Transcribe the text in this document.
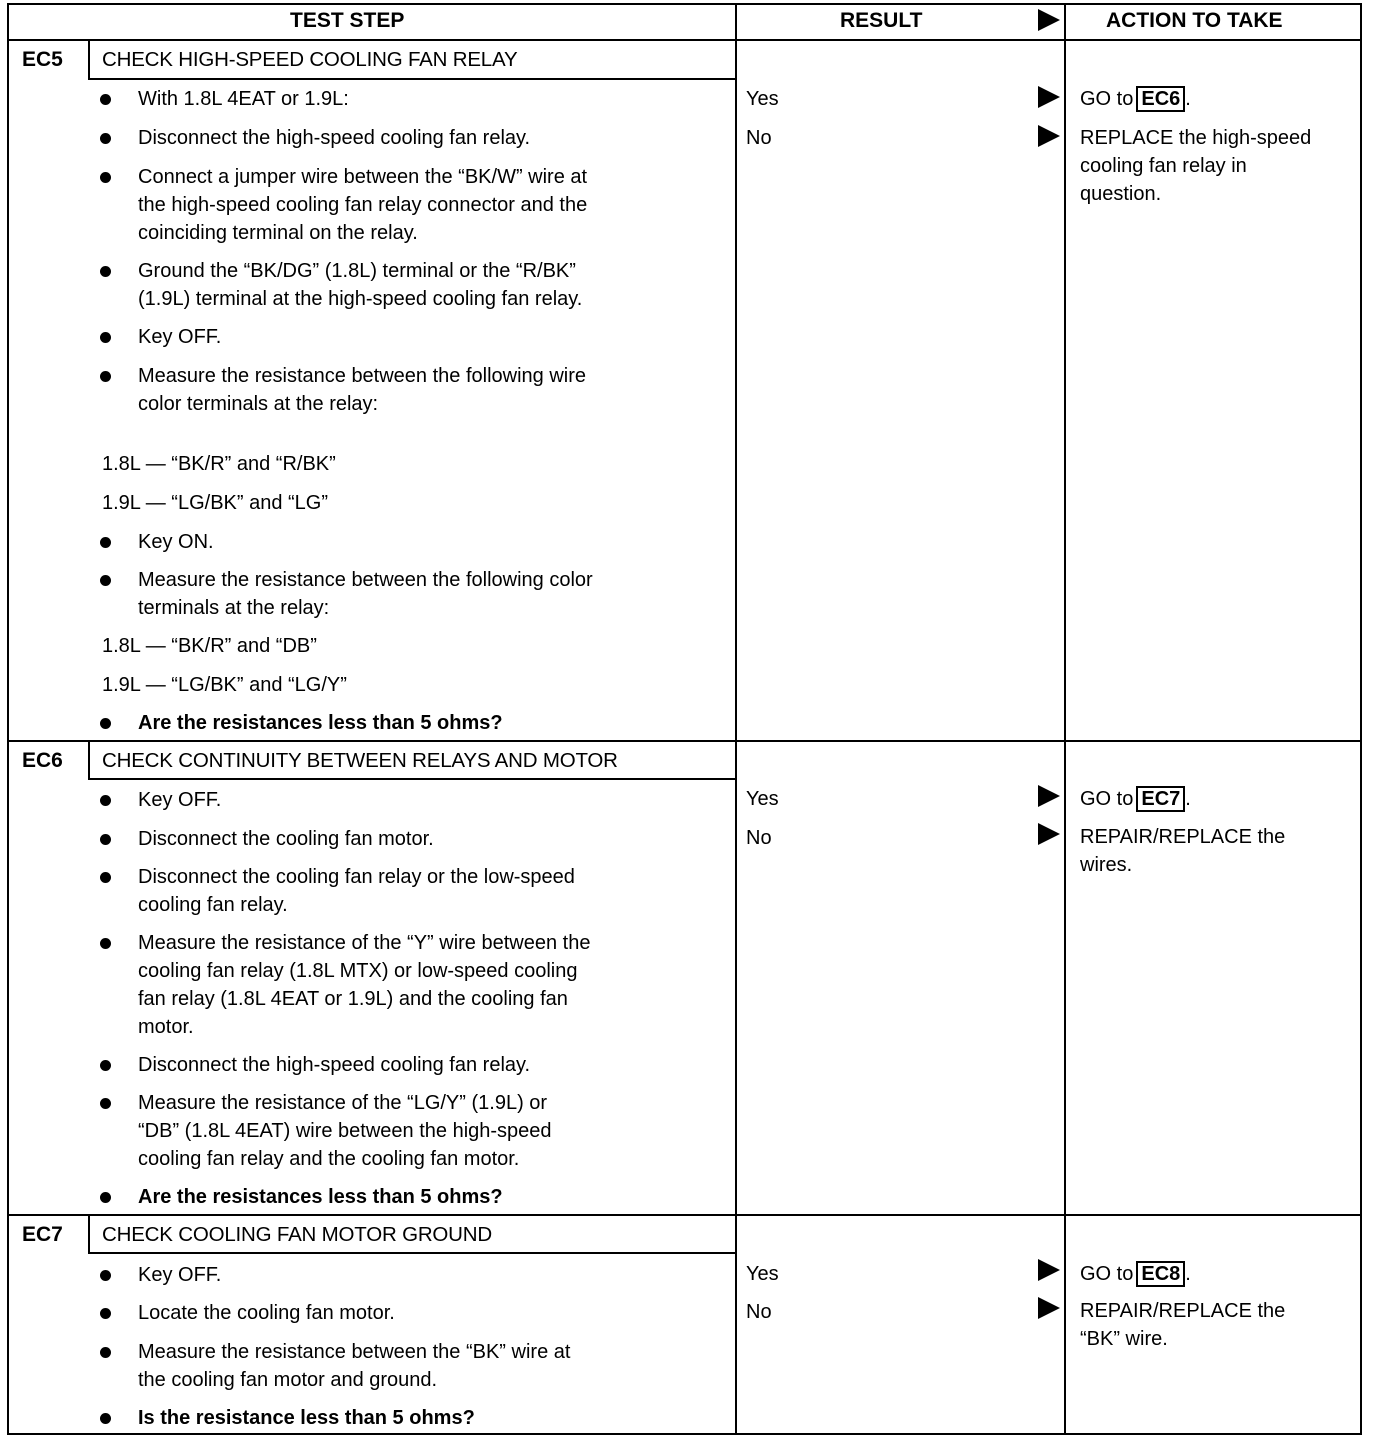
TEST STEP	RESULT	ACTION TO TAKE
EC5 CHECK HIGH-SPEED COOLING FAN RELAY
With 1.8L 4EAT or 1.9L:
Disconnect the high-speed cooling fan relay.
Connect a jumper wire between the “BK/W” wire at
the high-speed cooling fan relay connector and the
coinciding terminal on the relay.
Ground the “BK/DG” (1.8L) terminal or the “R/BK”
(1.9L) terminal at the high-speed cooling fan relay.
Key OFF.
Measure the resistance between the following wire
color terminals at the relay:
1.8L — “BK/R” and “R/BK”
1.9L — “LG/BK” and “LG”
Key ON.
Measure the resistance between the following color
terminals at the relay:
1.8L — “BK/R” and “DB”
1.9L — “LG/BK” and “LG/Y”
Are the resistances less than 5 ohms?
Yes
No
GO to EC6 .
REPLACE the high-speed
cooling fan relay in
question.
EC6 CHECK CONTINUITY BETWEEN RELAYS AND MOTOR
Key OFF.
Disconnect the cooling fan motor.
Disconnect the cooling fan relay or the low-speed
cooling fan relay.
Measure the resistance of the “Y” wire between the
cooling fan relay (1.8L MTX) or low-speed cooling
fan relay (1.8L 4EAT or 1.9L) and the cooling fan
motor.
Disconnect the high-speed cooling fan relay.
Measure the resistance of the “LG/Y” (1.9L) or
“DB” (1.8L 4EAT) wire between the high-speed
cooling fan relay and the cooling fan motor.
Are the resistances less than 5 ohms?
Yes
No
GO to EC7 .
REPAIR/REPLACE the
wires.
EC7 CHECK COOLING FAN MOTOR GROUND
Key OFF.
Locate the cooling fan motor.
Measure the resistance between the “BK” wire at
the cooling fan motor and ground.
Is the resistance less than 5 ohms?
Yes
No
GO to EC8 .
REPAIR/REPLACE the
“BK” wire.
